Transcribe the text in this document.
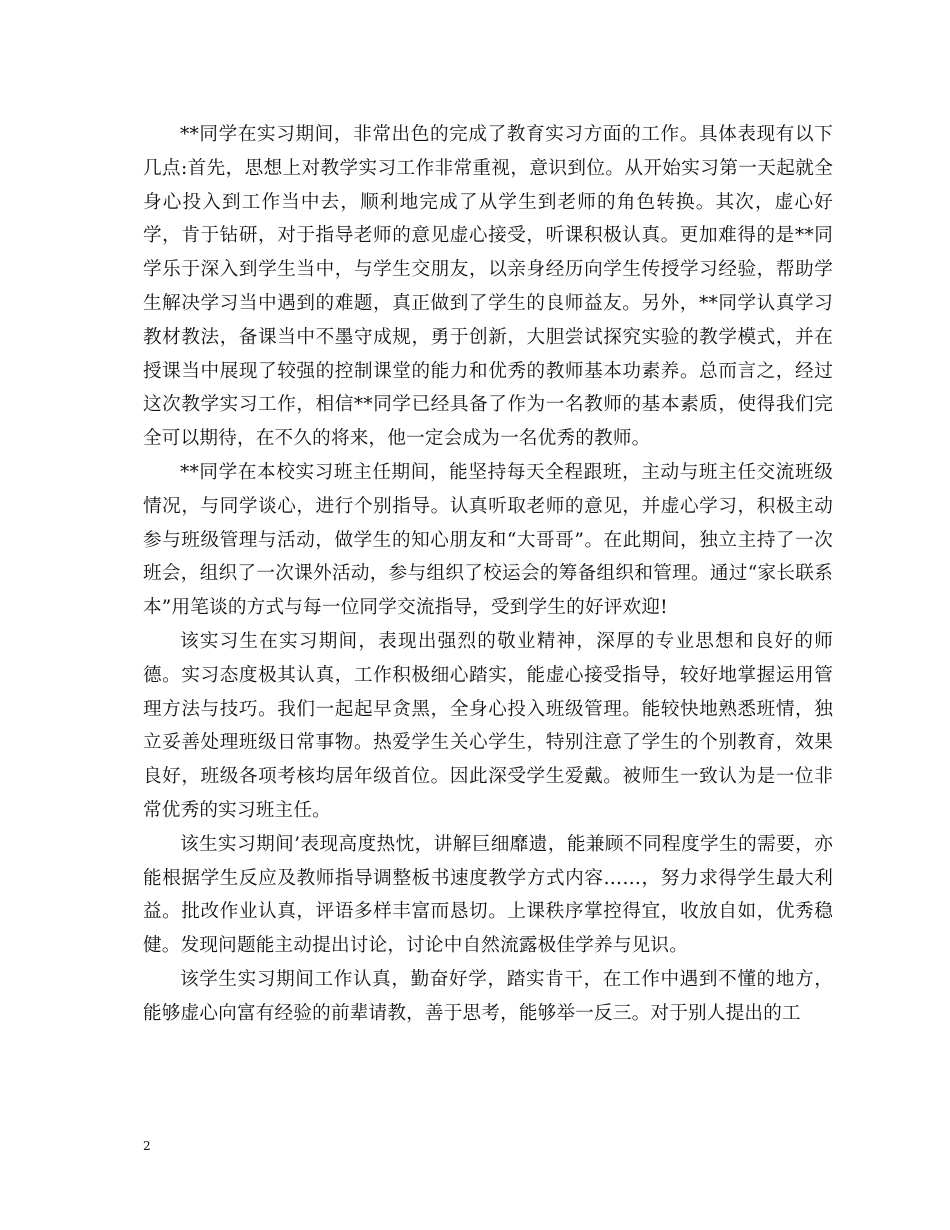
**同学在实习期间，非常出色的完成了教育实习方面的工作。具体表现有以下几点:首先，思想上对教学实习工作非常重视，意识到位。从开始实习第一天起就全身心投入到工作当中去，顺利地完成了从学生到老师的角色转换。其次，虚心好学，肯于钻研，对于指导老师的意见虚心接受，听课积极认真。更加难得的是**同学乐于深入到学生当中，与学生交朋友，以亲身经历向学生传授学习经验，帮助学生解决学习当中遇到的难题，真正做到了学生的良师益友。另外，**同学认真学习教材教法，备课当中不墨守成规，勇于创新，大胆尝试探究实验的教学模式，并在授课当中展现了较强的控制课堂的能力和优秀的教师基本功素养。总而言之，经过这次教学实习工作，相信**同学已经具备了作为一名教师的基本素质，使得我们完全可以期待，在不久的将来，他一定会成为一名优秀的教师。

**同学在本校实习班主任期间，能坚持每天全程跟班，主动与班主任交流班级情况，与同学谈心，进行个别指导。认真听取老师的意见，并虚心学习，积极主动参与班级管理与活动，做学生的知心朋友和“大哥哥”。在此期间，独立主持了一次班会，组织了一次课外活动，参与组织了校运会的筹备组织和管理。通过“家长联系本”用笔谈的方式与每一位同学交流指导，受到学生的好评欢迎!

该实习生在实习期间，表现出强烈的敬业精神，深厚的专业思想和良好的师德。实习态度极其认真，工作积极细心踏实，能虚心接受指导，较好地掌握运用管理方法与技巧。我们一起起早贪黑，全身心投入班级管理。能较快地熟悉班情，独立妥善处理班级日常事物。热爱学生关心学生，特别注意了学生的个别教育，效果良好，班级各项考核均居年级首位。因此深受学生爱戴。被师生一致认为是一位非常优秀的实习班主任。

该生实习期间’表现高度热忱，讲解巨细靡遗，能兼顾不同程度学生的需要，亦能根据学生反应及教师指导调整板书速度教学方式内容……，努力求得学生最大利益。批改作业认真，评语多样丰富而恳切。上课秩序掌控得宜，收放自如，优秀稳健。发现问题能主动提出讨论，讨论中自然流露极佳学养与见识。

该学生实习期间工作认真，勤奋好学，踏实肯干，在工作中遇到不懂的地方，能够虚心向富有经验的前辈请教，善于思考，能够举一反三。对于别人提出的工

2
